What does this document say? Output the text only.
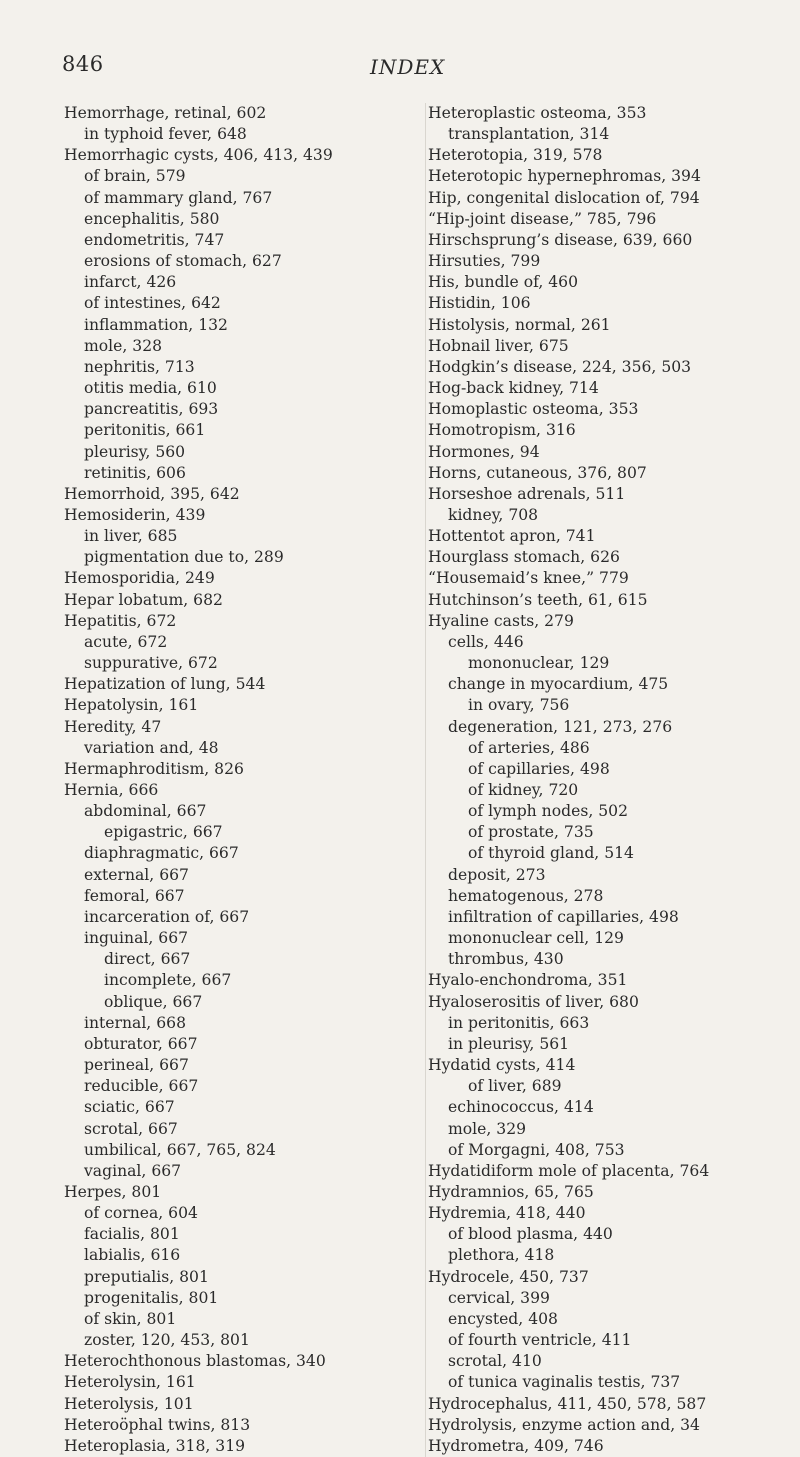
846	INDEX
Hemorrhage, retinal, 602
in typhoid fever, 648
Hemorrhagic cysts, 406, 413, 439
of brain, 579
of mammary gland, 767
encephalitis, 580
endometritis, 747
erosions of stomach, 627
infarct, 426
of intestines, 642
inflammation, 132
mole, 328
nephritis, 713
otitis media, 610
pancreatitis, 693
peritonitis, 661
pleurisy, 560
retinitis, 606
Hemorrhoid, 395, 642
Hemosiderin, 439
in liver, 685
pigmentation due to, 289
Hemosporidia, 249
Hepar lobatum, 682
Hepatitis, 672
acute, 672
suppurative, 672
Hepatization of lung, 544
Hepatolysin, 161
Heredity, 47
variation and, 48
Hermaphroditism, 826
Hernia, 666
abdominal, 667
epigastric, 667
diaphragmatic, 667
external, 667
femoral, 667
incarceration of, 667
inguinal, 667
direct, 667
incomplete, 667
oblique, 667
internal, 668
obturator, 667
perineal, 667
reducible, 667
sciatic, 667
scrotal, 667
umbilical, 667, 765, 824
vaginal, 667
Herpes, 801
of cornea, 604
facialis, 801
labialis, 616
preputialis, 801
progenitalis, 801
of skin, 801
zoster, 120, 453, 801
Heterochthonous blastomas, 340
Heterolysin, 161
Heterolysis, 101
Heteroöphal twins, 813
Heteroplasia, 318, 319
Heteroplastic osteoma, 353
transplantation, 314
Heterotopia, 319, 578
Heterotopic hypernephromas, 394
Hip, congenital dislocation of, 794
“Hip-joint disease,” 785, 796
Hirschsprung’s disease, 639, 660
Hirsuties, 799
His, bundle of, 460
Histidin, 106
Histolysis, normal, 261
Hobnail liver, 675
Hodgkin’s disease, 224, 356, 503
Hog-back kidney, 714
Homoplastic osteoma, 353
Homotropism, 316
Hormones, 94
Horns, cutaneous, 376, 807
Horseshoe adrenals, 511
kidney, 708
Hottentot apron, 741
Hourglass stomach, 626
“Housemaid’s knee,” 779
Hutchinson’s teeth, 61, 615
Hyaline casts, 279
cells, 446
mononuclear, 129
change in myocardium, 475
in ovary, 756
degeneration, 121, 273, 276
of arteries, 486
of capillaries, 498
of kidney, 720
of lymph nodes, 502
of prostate, 735
of thyroid gland, 514
deposit, 273
hematogenous, 278
infiltration of capillaries, 498
mononuclear cell, 129
thrombus, 430
Hyalo-enchondroma, 351
Hyaloserositis of liver, 680
in peritonitis, 663
in pleurisy, 561
Hydatid cysts, 414
of liver, 689
echinococcus, 414
mole, 329
of Morgagni, 408, 753
Hydatidiform mole of placenta, 764
Hydramnios, 65, 765
Hydremia, 418, 440
of blood plasma, 440
plethora, 418
Hydrocele, 450, 737
cervical, 399
encysted, 408
of fourth ventricle, 411
scrotal, 410
of tunica vaginalis testis, 737
Hydrocephalus, 411, 450, 578, 587
Hydrolysis, enzyme action and, 34
Hydrometra, 409, 746
